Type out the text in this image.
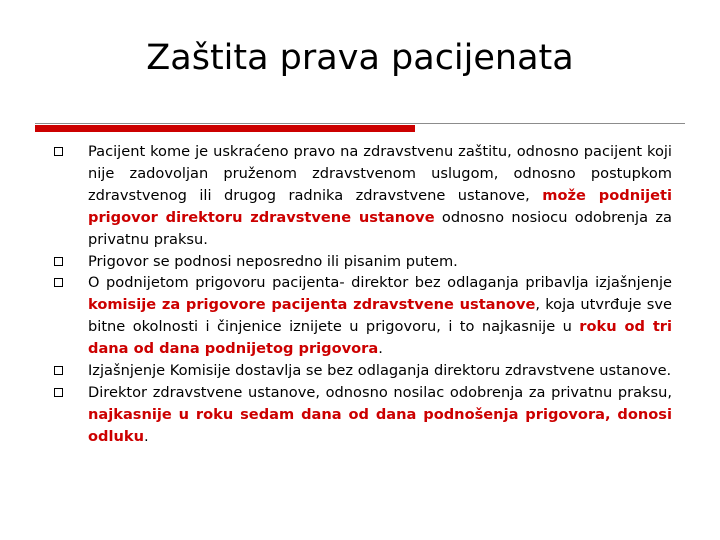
Zaštita prava pacijenata
Pacijent kome je uskraćeno pravo na zdravstvenu zaštitu, odnosno pacijent koji nije zadovoljan pruženom zdravstvenom uslugom, odnosno postupkom zdravstvenog ili drugog radnika zdravstvene ustanove, može podnijeti prigovor direktoru zdravstvene ustanove odnosno nosiocu odobrenja za privatnu praksu.
Prigovor se podnosi neposredno ili pisanim putem.
O podnijetom prigovoru pacijenta- direktor bez odlaganja pribavlja izjašnjenje komisije za prigovore pacijenta zdravstvene ustanove, koja utvrđuje sve bitne okolnosti i činjenice iznijete u prigovoru, i to najkasnije u roku od tri dana od dana podnijetog prigovora.
Izjašnjenje Komisije dostavlja se bez odlaganja direktoru zdravstvene ustanove.
Direktor zdravstvene ustanove, odnosno nosilac odobrenja za privatnu praksu, najkasnije u roku sedam dana od dana podnošenja prigovora, donosi odluku.
